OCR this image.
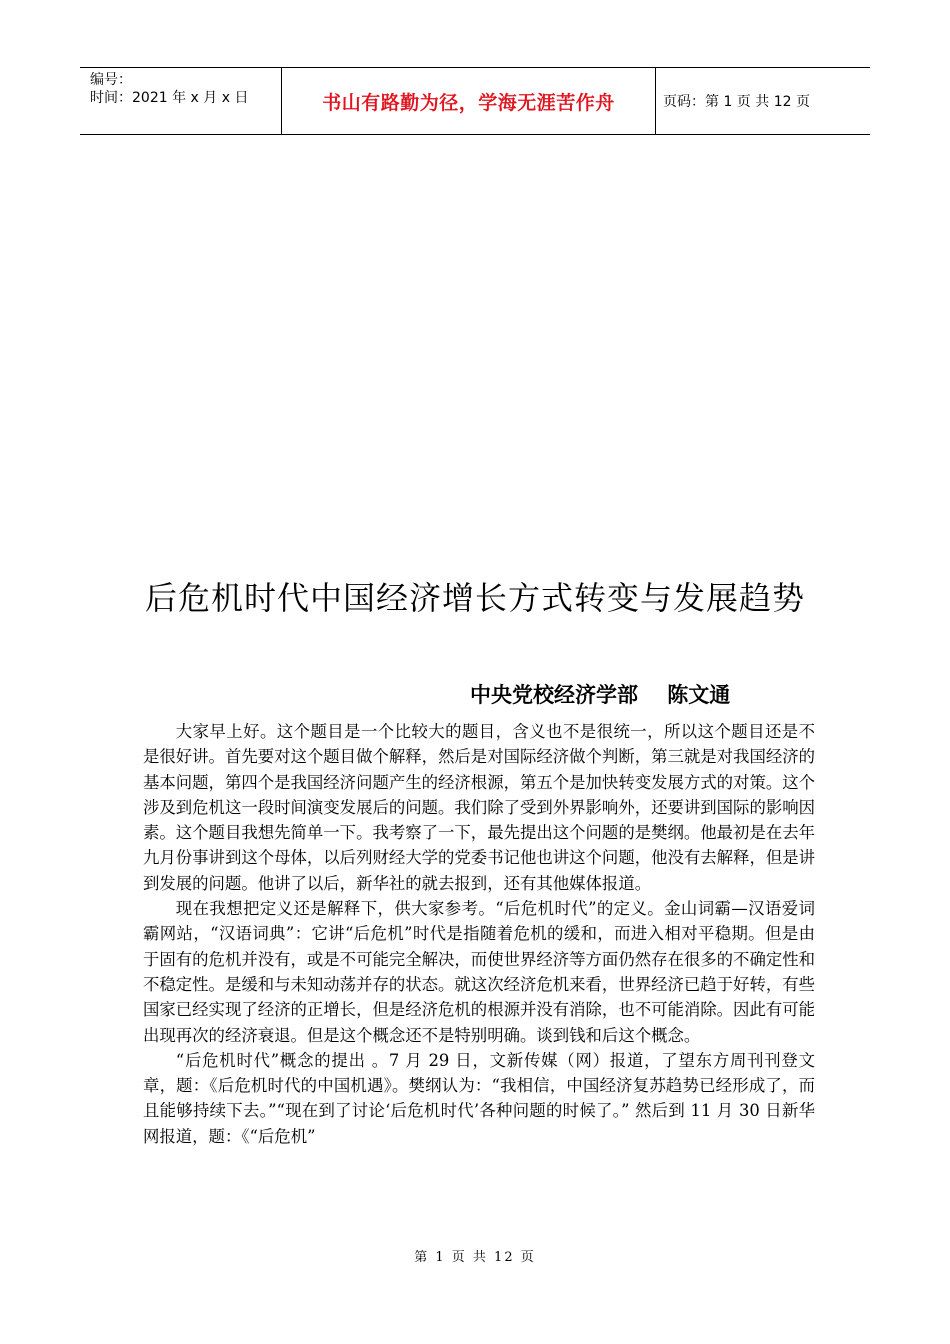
编号：
时间：2021 年 x 月 x 日	书山有路勤为径，学海无涯苦作舟	页码：第 1 页 共 12 页
后危机时代中国经济增长方式转变与发展趋势
中央党校经济学部    陈文通

大家早上好。这个题目是一个比较大的题目，含义也不是很统一，所以这个题目还是不是很好讲。首先要对这个题目做个解释，然后是对国际经济做个判断，第三就是对我国经济的基本问题，第四个是我国经济问题产生的经济根源，第五个是加快转变发展方式的对策。这个涉及到危机这一段时间演变发展后的问题。我们除了受到外界影响外，还要讲到国际的影响因素。这个题目我想先简单一下。我考察了一下，最先提出这个问题的是樊纲。他最初是在去年九月份事讲到这个母体，以后列财经大学的党委书记他也讲这个问题，他没有去解释，但是讲到发展的问题。他讲了以后，新华社的就去报到，还有其他媒体报道。

现在我想把定义还是解释下，供大家参考。“后危机时代”的定义。金山词霸—汉语爱词霸网站，“汉语词典”：它讲“后危机”时代是指随着危机的缓和，而进入相对平稳期。但是由于固有的危机并没有，或是不可能完全解决，而使世界经济等方面仍然存在很多的不确定性和不稳定性。是缓和与未知动荡并存的状态。就这次经济危机来看，世界经济已趋于好转，有些国家已经实现了经济的正增长，但是经济危机的根源并没有消除，也不可能消除。因此有可能出现再次的经济衰退。但是这个概念还不是特别明确。谈到钱和后这个概念。

“后危机时代”概念的提出 。7 月 29 日，文新传媒（网）报道，了望东方周刊刊登文章，题：《后危机时代的中国机遇》。樊纲认为：“我相信，中国经济复苏趋势已经形成了，而且能够持续下去。”“现在到了讨论‘后危机时代’各种问题的时候了。” 然后到 11 月 30 日新华网报道，题：《“后危机”

第 1 页 共 12 页
